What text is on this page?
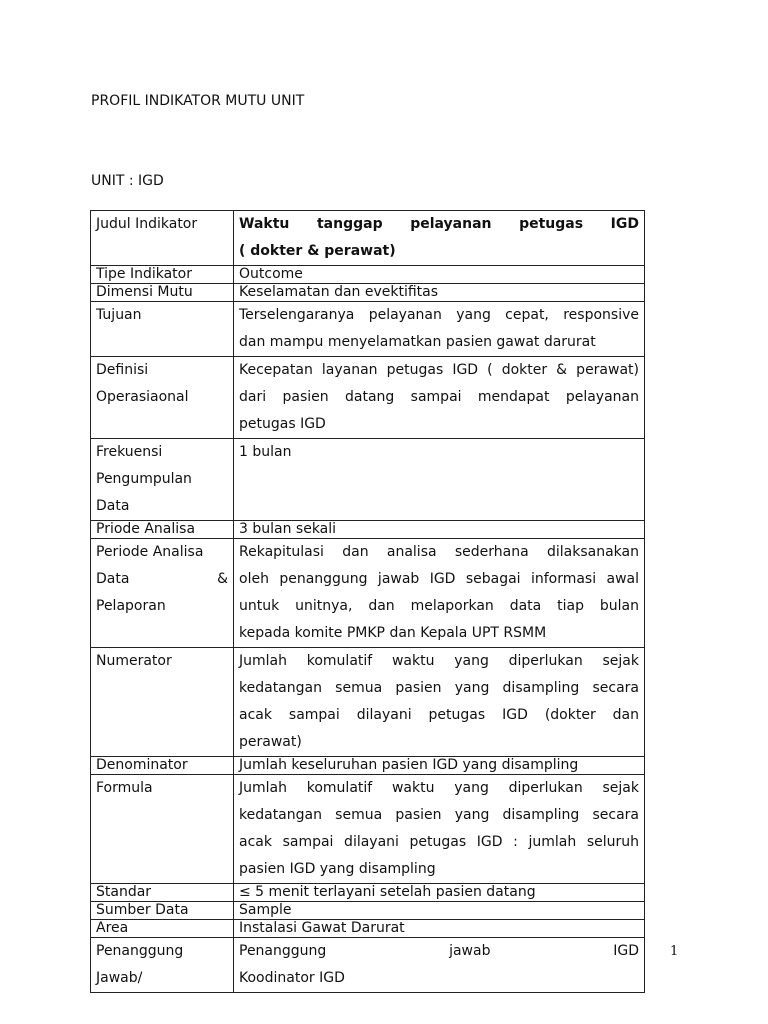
PROFIL INDIKATOR MUTU UNIT

UNIT : IGD

Judul Indikator	Waktu tanggap pelayanan petugas IGD
( dokter & perawat)

Tipe Indikator	Outcome

Dimensi Mutu	Keselamatan dan evektifitas

Tujuan	Terselengaranya pelayanan yang cepat, responsive
dan mampu menyelamatkan pasien gawat darurat

Definisi
Operasiaonal	Kecepatan layanan petugas IGD ( dokter & perawat)
dari pasien datang sampai mendapat pelayanan
petugas IGD

Frekuensi
Pengumpulan
Data	1 bulan

Priode Analisa	3 bulan sekali

Periode Analisa
Data &
Pelaporan	Rekapitulasi dan analisa sederhana dilaksanakan
oleh penanggung jawab IGD sebagai informasi awal
untuk unitnya, dan melaporkan data tiap bulan
kepada komite PMKP dan Kepala UPT RSMM

Numerator	Jumlah komulatif waktu yang diperlukan sejak
kedatangan semua pasien yang disampling secara
acak sampai dilayani petugas IGD (dokter dan
perawat)

Denominator	Jumlah keseluruhan pasien IGD yang disampling

Formula	Jumlah komulatif waktu yang diperlukan sejak
kedatangan semua pasien yang disampling secara
acak sampai dilayani petugas IGD : jumlah seluruh
pasien IGD yang disampling

Standar	≤ 5 menit terlayani setelah pasien datang

Sumber Data	Sample

Area	Instalasi Gawat Darurat

Penanggung
Jawab/	Penanggung jawab IGD
Koodinator IGD
1
